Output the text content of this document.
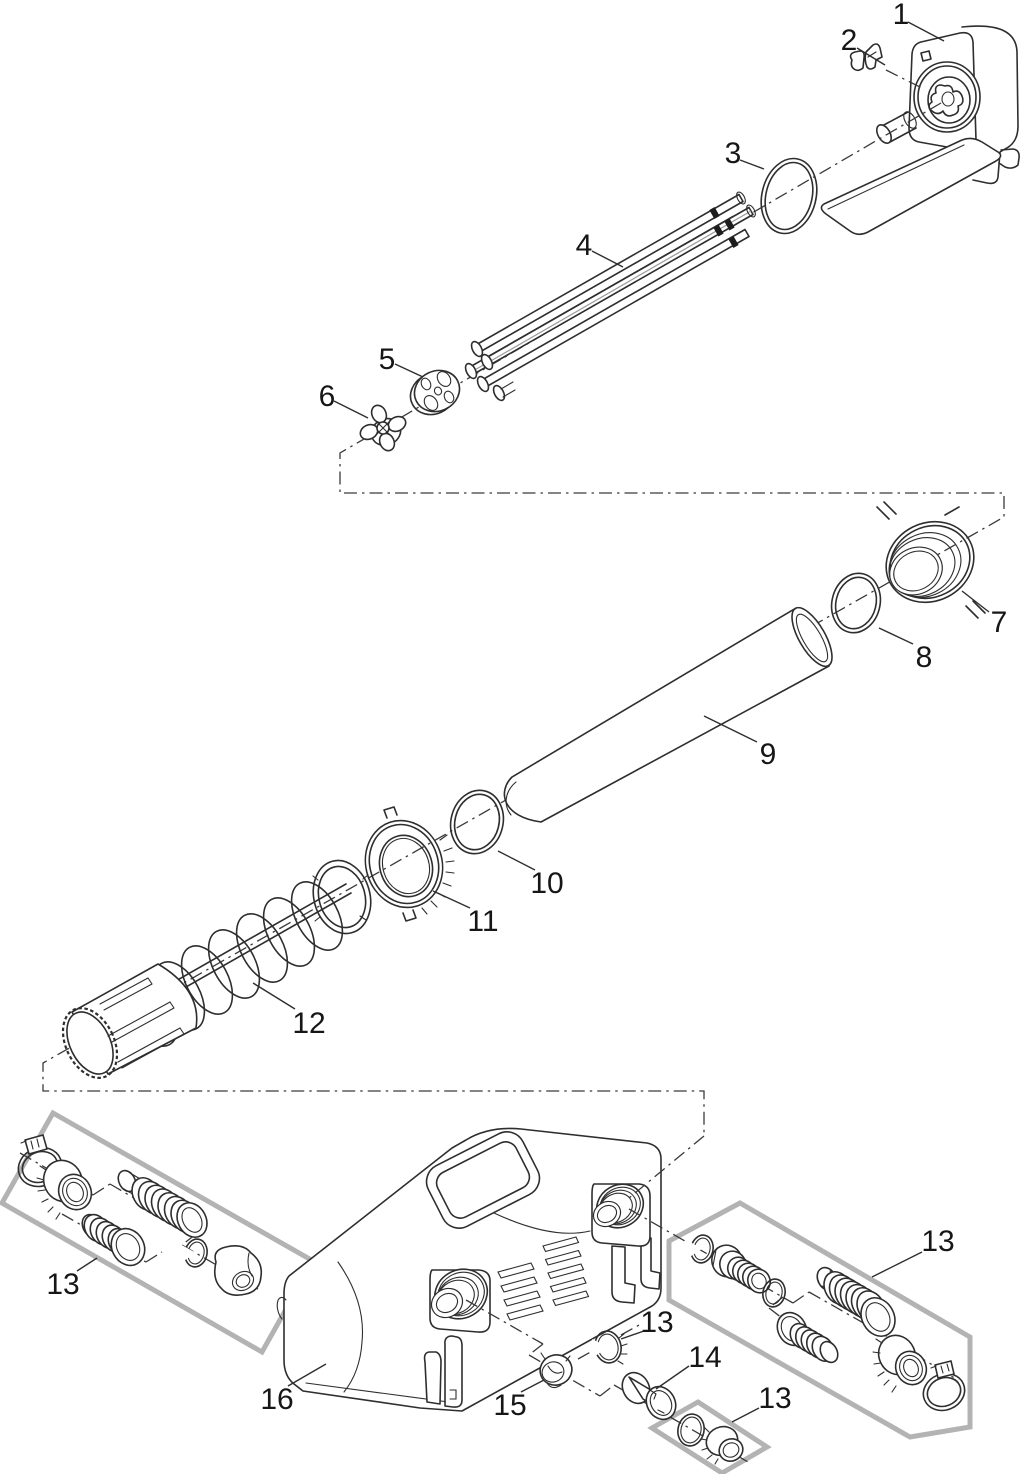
1
2
3
4
5
6
7
8
9
10
11
12
13
16	15
13
14
13
13
